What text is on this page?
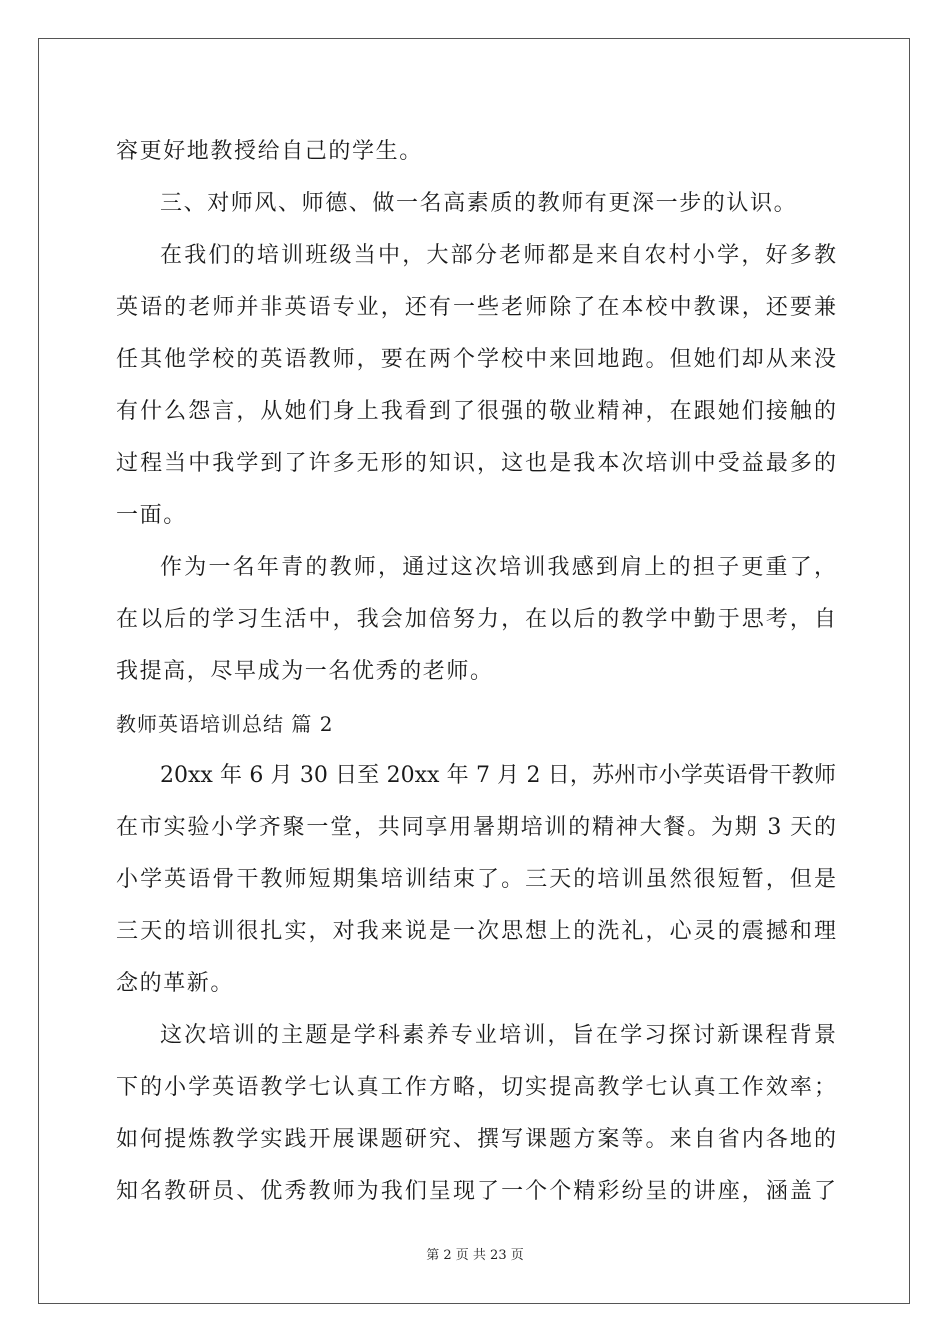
容更好地教授给自己的学生。
三、对师风、师德、做一名高素质的教师有更深一步的认识。
在我们的培训班级当中，大部分老师都是来自农村小学，好多教
英语的老师并非英语专业，还有一些老师除了在本校中教课，还要兼
任其他学校的英语教师，要在两个学校中来回地跑。但她们却从来没
有什么怨言，从她们身上我看到了很强的敬业精神，在跟她们接触的
过程当中我学到了许多无形的知识，这也是我本次培训中受益最多的
一面。
作为一名年青的教师，通过这次培训我感到肩上的担子更重了，
在以后的学习生活中，我会加倍努力，在以后的教学中勤于思考，自
我提高，尽早成为一名优秀的老师。
教师英语培训总结 篇 2
20xx 年 6 月 30 日至 20xx 年 7 月 2 日，苏州市小学英语骨干教师
在市实验小学齐聚一堂，共同享用暑期培训的精神大餐。为期 3 天的
小学英语骨干教师短期集培训结束了。三天的培训虽然很短暂，但是
三天的培训很扎实，对我来说是一次思想上的洗礼，心灵的震撼和理
念的革新。
这次培训的主题是学科素养专业培训，旨在学习探讨新课程背景
下的小学英语教学七认真工作方略，切实提高教学七认真工作效率；
如何提炼教学实践开展课题研究、撰写课题方案等。来自省内各地的
知名教研员、优秀教师为我们呈现了一个个精彩纷呈的讲座，涵盖了
第 2 页 共 23 页
